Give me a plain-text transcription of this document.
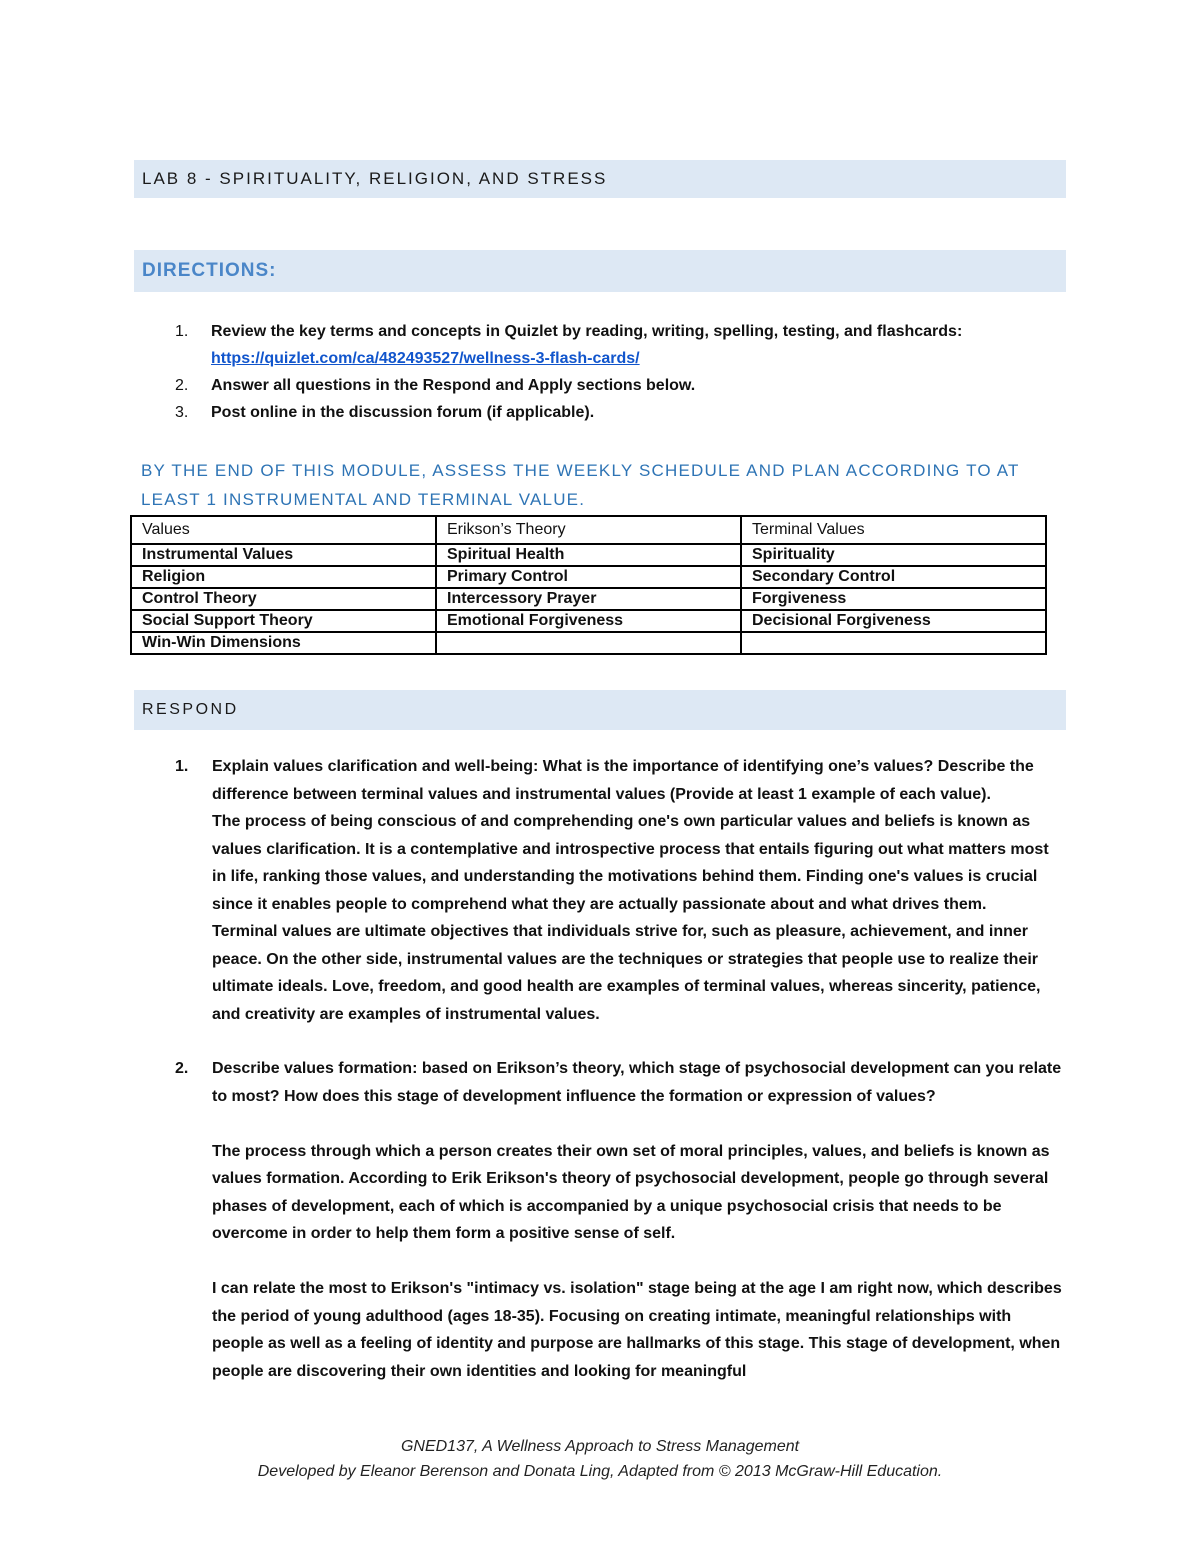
LAB 8 - SPIRITUALITY, RELIGION, AND STRESS
DIRECTIONS:
1. Review the key terms and concepts in Quizlet by reading, writing, spelling, testing, and flashcards:
https://quizlet.com/ca/482493527/wellness-3-flash-cards/
2. Answer all questions in the Respond and Apply sections below.
3. Post online in the discussion forum (if applicable).
BY THE END OF THIS MODULE, ASSESS THE WEEKLY SCHEDULE AND PLAN ACCORDING TO AT LEAST 1 INSTRUMENTAL AND TERMINAL VALUE.
Values	Erikson’s Theory	Terminal Values
Instrumental Values	Spiritual Health	Spirituality
Religion	Primary Control	Secondary Control
Control Theory	Intercessory Prayer	Forgiveness
Social Support Theory	Emotional Forgiveness	Decisional Forgiveness
Win-Win Dimensions		
RESPOND
1. Explain values clarification and well-being: What is the importance of identifying one’s values? Describe the difference between terminal values and instrumental values (Provide at least 1 example of each value).

The process of being conscious of and comprehending one's own particular values and beliefs is known as values clarification. It is a contemplative and introspective process that entails figuring out what matters most in life, ranking those values, and understanding the motivations behind them. Finding one's values is crucial since it enables people to comprehend what they are actually passionate about and what drives them.

Terminal values are ultimate objectives that individuals strive for, such as pleasure, achievement, and inner peace. On the other side, instrumental values are the techniques or strategies that people use to realize their ultimate ideals. Love, freedom, and good health are examples of terminal values, whereas sincerity, patience, and creativity are examples of instrumental values.

2. Describe values formation: based on Erikson’s theory, which stage of psychosocial development can you relate to most? How does this stage of development influence the formation or expression of values?

The process through which a person creates their own set of moral principles, values, and beliefs is known as values formation. According to Erik Erikson's theory of psychosocial development, people go through several phases of development, each of which is accompanied by a unique psychosocial crisis that needs to be overcome in order to help them form a positive sense of self.

I can relate the most to Erikson's "intimacy vs. isolation" stage being at the age I am right now, which describes the period of young adulthood (ages 18-35). Focusing on creating intimate, meaningful relationships with people as well as a feeling of identity and purpose are hallmarks of this stage. This stage of development, when people are discovering their own identities and looking for meaningful

GNED137, A Wellness Approach to Stress Management
Developed by Eleanor Berenson and Donata Ling, Adapted from © 2013 McGraw-Hill Education.
